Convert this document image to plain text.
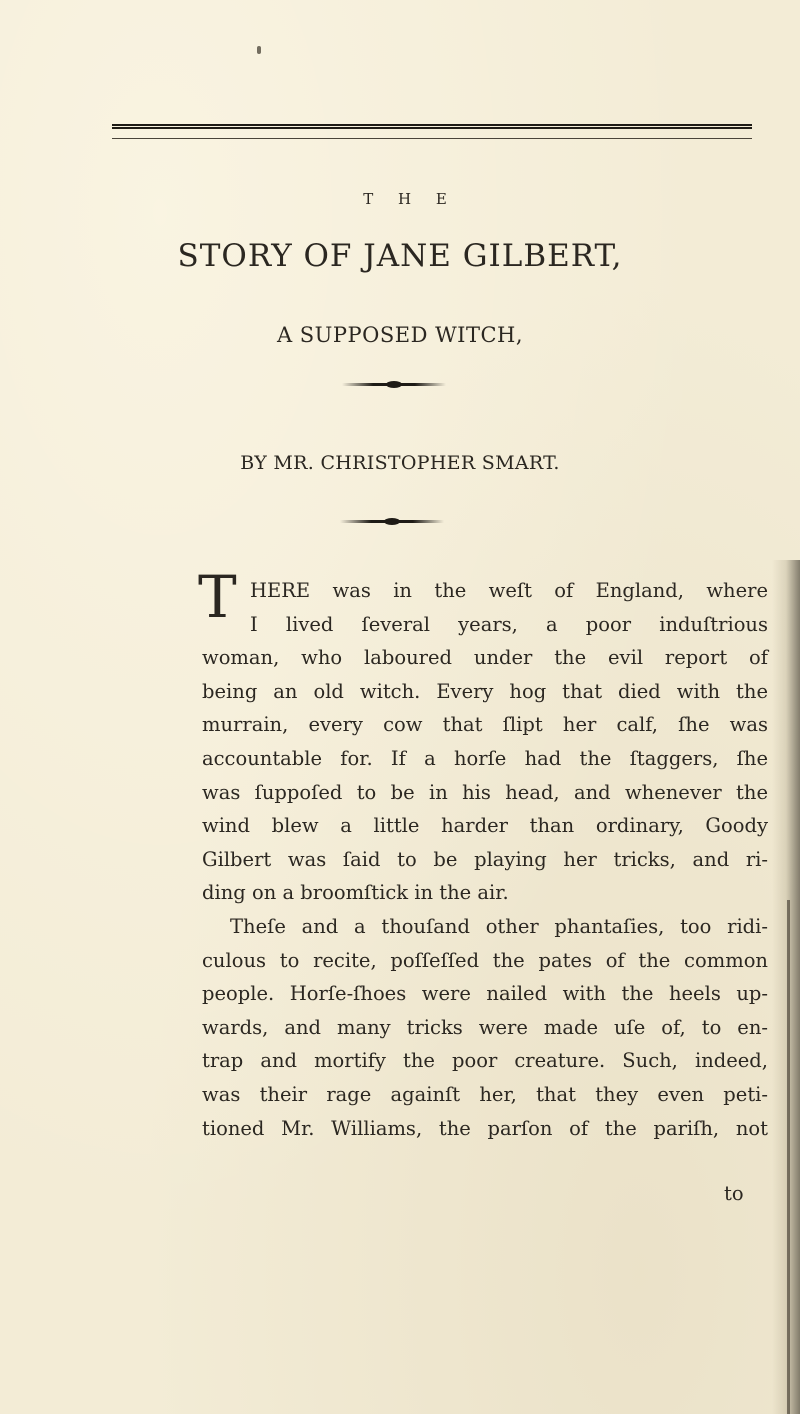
T H E
STORY OF JANE GILBERT,
A SUPPOSED WITCH,
BY MR. CHRISTOPHER SMART.
T HERE was in the weſt of England, where
I lived ſeveral years, a poor induſtrious
woman, who laboured under the evil report of
being an old witch. Every hog that died with the
murrain, every cow that ſlipt her calf, ſhe was
accountable for. If a horſe had the ſtaggers, ſhe
was ſuppoſed to be in his head, and whenever the
wind blew a little harder than ordinary, Goody
Gilbert was ſaid to be playing her tricks, and ri-
ding on a broomſtick in the air.
Theſe and a thouſand other phantaſies, too ridi-
culous to recite, poſſeſſed the pates of the common
people. Horſe-ſhoes were nailed with the heels up-
wards, and many tricks were made uſe of, to en-
trap and mortify the poor creature. Such, indeed,
was their rage againſt her, that they even peti-
tioned Mr. Williams, the parſon of the pariſh, not
to
